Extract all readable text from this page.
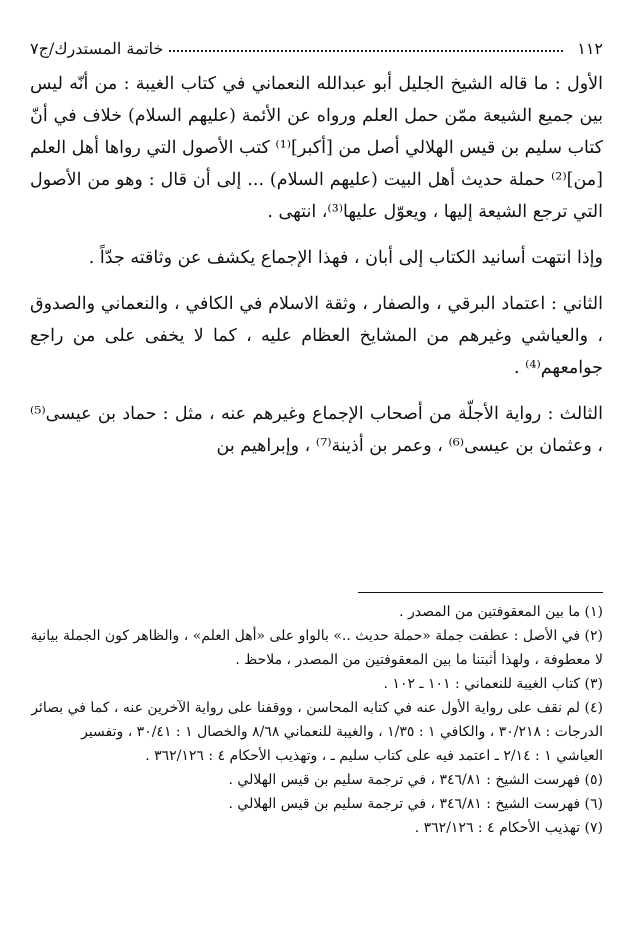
١١٢
خاتمة المستدرك/ج٧

الأول : ما قاله الشيخ الجليل أبو عبدالله النعماني في كتاب الغيبة : من أنّه ليس بين جميع الشيعة ممّن حمل العلم ورواه عن الأئمة (عليهم السلام) خلاف في أنّ كتاب سليم بن قيس الهلالي أصل من [أكبر]⁽¹⁾ كتب الأصول التي رواها أهل العلم [من]⁽²⁾ حملة حديث أهل البيت (عليهم السلام) ... إلى أن قال : وهو من الأصول التي ترجع الشيعة إليها ، ويعوّل عليها⁽³⁾، انتهى .

وإذا انتهت أسانيد الكتاب إلى أبان ، فهذا الإجماع يكشف عن وثاقته جدّاً .

الثاني : اعتماد البرقي ، والصفار ، وثقة الاسلام في الكافي ، والنعماني والصدوق ، والعياشي وغيرهم من المشايخ العظام عليه ، كما لا يخفى على من راجع جوامعهم⁽⁴⁾ .

الثالث : رواية الأجلّة من أصحاب الإجماع وغيرهم عنه ، مثل : حماد بن عيسى⁽⁵⁾ ، وعثمان بن عيسى⁽⁶⁾ ، وعمر بن أذينة⁽⁷⁾ ، وإبراهيم بن

(١) ما بين المعقوفتين من المصدر .

(٢) في الأصل : عطفت جملة «حملة حديث ..» بالواو على «أهل العلم» ، والظاهر كون الجملة بيانية لا معطوفة ، ولهذا أثبتنا ما بين المعقوفتين من المصدر ، ملاحظ .

(٣) كتاب الغيبة للنعماني : ١٠١ ـ ١٠٢ .

(٤) لم نقف على رواية الأول عنه في كتابه المحاسن ، ووقفنا على رواية الآخرين عنه ، كما في بصائر الدرجات : ٣٠/٢١٨ ، والكافي ١ : ١/٣٥ ، والغيبة للنعماني ٨/٦٨ والخصال ١ : ٣٠/٤١ ، وتفسير العياشي ١ : ٢/١٤ ـ اعتمد فيه على كتاب سليم ـ ، وتهذيب الأحكام ٤ : ٣٦٢/١٢٦ .

(٥) فهرست الشيخ : ٣٤٦/٨١ ، في ترجمة سليم بن قيس الهلالي .

(٦) فهرست الشيخ : ٣٤٦/٨١ ، في ترجمة سليم بن قيس الهلالي .

(٧) تهذيب الأحكام ٤ : ٣٦٢/١٢٦ .
